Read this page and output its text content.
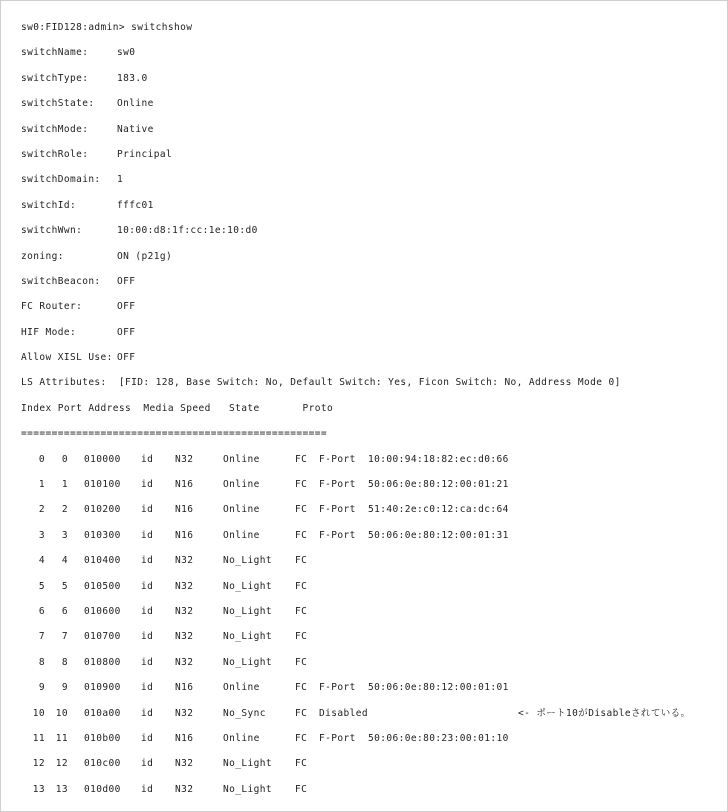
sw0:FID128:admin> switchshow
switchName:	sw0
switchType:	183.0
switchState: Online
switchMode:	Native
switchRole:	Principal
switchDomain: 1
switchId:	fffc01
switchWwn:	10:00:d8:1f:cc:1e:10:d0
zoning:	ON (p21g)
switchBeacon: OFF
FC Router:	OFF
HIF Mode:	OFF
Allow XISL Use: OFF
LS Attributes:  [FID: 128, Base Switch: No, Default Switch: Yes, Ficon Switch: No, Address Mode 0]
Index Port Address  Media Speed   State       Proto
==================================================
0 0 010000 id N32	Online	FC F-Port 10:00:94:18:82:ec:d0:66
1 1 010100 id N16	Online	FC F-Port 50:06:0e:80:12:00:01:21
2 2 010200 id N16	Online	FC F-Port 51:40:2e:c0:12:ca:dc:64
3 3 010300 id N16	Online	FC F-Port 50:06:0e:80:12:00:01:31
4 4 010400 id N32	No_Light FC
5 5 010500 id N32	No_Light FC
6 6 010600 id N32	No_Light FC
7 7 010700 id N32	No_Light FC
8 8 010800 id N32	No_Light FC
9 9 010900 id N16	Online	FC F-Port 50:06:0e:80:12:00:01:01
10 10 010a00 id N32	No_Sync	FC Disabled	<- ポート10がDisableされている。
11 11 010b00 id N16	Online	FC F-Port 50:06:0e:80:23:00:01:10
12 12 010c00 id N32	No_Light FC
13 13 010d00 id N32	No_Light FC
